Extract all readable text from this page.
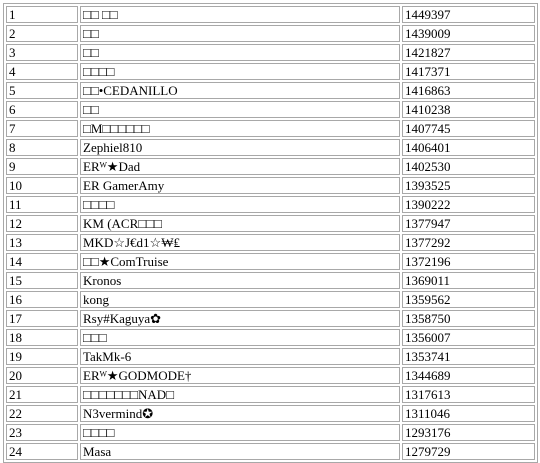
1	□□ □□	1449397
2	□□	1439009
3	□□	1421827
4	□□□□	1417371
5	□□•CEDANILLO	1416863
6	□□	1410238
7	□M□□□□□□	1407745
8	Zephiel810	1406401
9	ERᵂ★Dad	1402530
10	ER GamerAmy	1393525
11	□□□□	1390222
12	KM (ACR□□□	1377947
13	MKD☆J€d1☆₩₤	1377292
14	□□★ComTruise	1372196
15	Kronos	1369011
16	kong	1359562
17	Rsy#Kaguya✿	1358750
18	□□□	1356007
19	TakMk-6	1353741
20	ERᵂ★GODMODE†	1344689
21	□□□□□□□NAD□	1317613
22	N3vermind✪	1311046
23	□□□□	1293176
24	Masa	1279729
